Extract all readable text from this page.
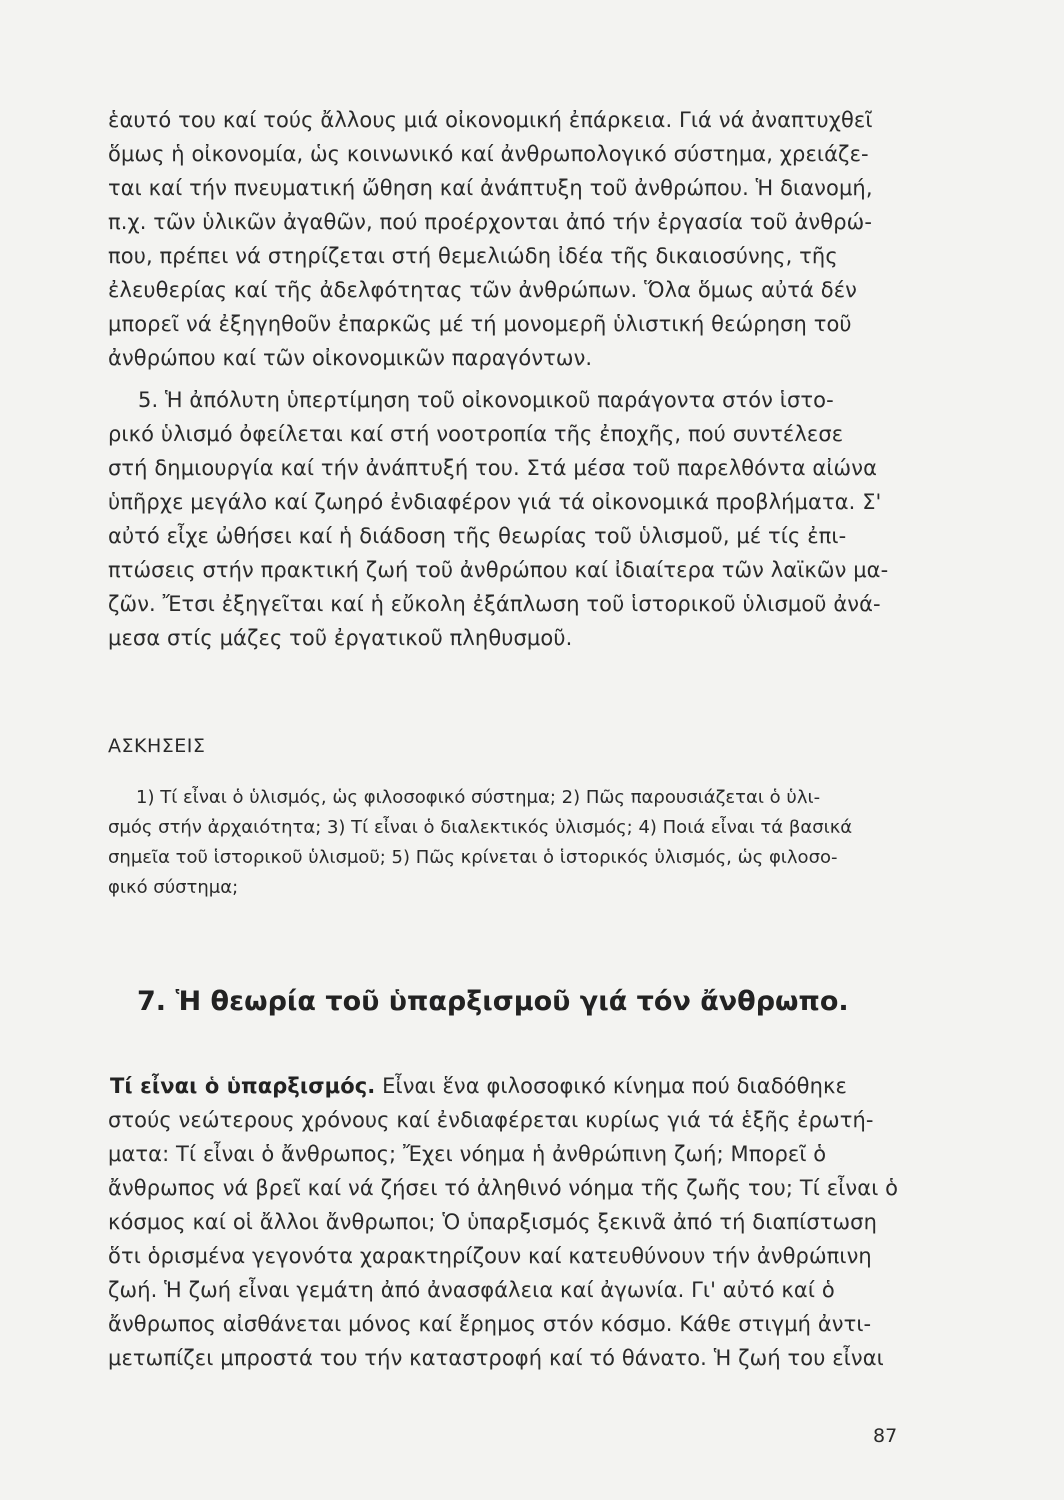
ἑαυτό του καί τούς ἄλλους μιά οἰκονομική ἐπάρκεια. Γιά νά ἀναπτυχθεῖ
ὅμως ἡ οἰκονομία, ὡς κοινωνικό καί ἀνθρωπολογικό σύστημα, χρειάζε-
ται καί τήν πνευματική ὤθηση καί ἀνάπτυξη τοῦ ἀνθρώπου. Ἡ διανομή,
π.χ. τῶν ὑλικῶν ἀγαθῶν, πού προέρχονται ἀπό τήν ἐργασία τοῦ ἀνθρώ-
που, πρέπει νά στηρίζεται στή θεμελιώδη ἰδέα τῆς δικαιοσύνης, τῆς
ἐλευθερίας καί τῆς ἀδελφότητας τῶν ἀνθρώπων. Ὅλα ὅμως αὐτά δέν
μπορεῖ νά ἐξηγηθοῦν ἐπαρκῶς μέ τή μονομερῆ ὑλιστική θεώρηση τοῦ
ἀνθρώπου καί τῶν οἰκονομικῶν παραγόντων.
5. Ἡ ἀπόλυτη ὑπερτίμηση τοῦ οἰκονομικοῦ παράγοντα στόν ἱστο-
ρικό ὑλισμό ὀφείλεται καί στή νοοτροπία τῆς ἐποχῆς, πού συντέλεσε
στή δημιουργία καί τήν ἀνάπτυξή του. Στά μέσα τοῦ παρελθόντα αἰώνα
ὑπῆρχε μεγάλο καί ζωηρό ἐνδιαφέρον γιά τά οἰκονομικά προβλήματα. Σ'
αὐτό εἶχε ὠθήσει καί ἡ διάδοση τῆς θεωρίας τοῦ ὑλισμοῦ, μέ τίς ἐπι-
πτώσεις στήν πρακτική ζωή τοῦ ἀνθρώπου καί ἰδιαίτερα τῶν λαϊκῶν μα-
ζῶν. Ἔτσι ἐξηγεῖται καί ἡ εὔκολη ἐξάπλωση τοῦ ἱστορικοῦ ὑλισμοῦ ἀνά-
μεσα στίς μάζες τοῦ ἐργατικοῦ πληθυσμοῦ.
ΑΣΚΗΣΕΙΣ
1) Τί εἶναι ὁ ὑλισμός, ὡς φιλοσοφικό σύστημα; 2) Πῶς παρουσιάζεται ὁ ὑλι-
σμός στήν ἀρχαιότητα; 3) Τί εἶναι ὁ διαλεκτικός ὑλισμός; 4) Ποιά εἶναι τά βασικά
σημεῖα τοῦ ἱστορικοῦ ὑλισμοῦ; 5) Πῶς κρίνεται ὁ ἱστορικός ὑλισμός, ὡς φιλοσο-
φικό σύστημα;
7. Ἡ θεωρία τοῦ ὑπαρξισμοῦ γιά τόν ἄνθρωπο.
Τί εἶναι ὁ ὑπαρξισμός. Εἶναι ἕνα φιλοσοφικό κίνημα πού διαδόθηκε
στούς νεώτερους χρόνους καί ἐνδιαφέρεται κυρίως γιά τά ἑξῆς ἐρωτή-
ματα: Τί εἶναι ὁ ἄνθρωπος; Ἔχει νόημα ἡ ἀνθρώπινη ζωή; Μπορεῖ ὁ
ἄνθρωπος νά βρεῖ καί νά ζήσει τό ἀληθινό νόημα τῆς ζωῆς του; Τί εἶναι ὁ
κόσμος καί οἱ ἄλλοι ἄνθρωποι; Ὁ ὑπαρξισμός ξεκινᾶ ἀπό τή διαπίστωση
ὅτι ὁρισμένα γεγονότα χαρακτηρίζουν καί κατευθύνουν τήν ἀνθρώπινη
ζωή. Ἡ ζωή εἶναι γεμάτη ἀπό ἀνασφάλεια καί ἀγωνία. Γι' αὐτό καί ὁ
ἄνθρωπος αἰσθάνεται μόνος καί ἔρημος στόν κόσμο. Κάθε στιγμή ἀντι-
μετωπίζει μπροστά του τήν καταστροφή καί τό θάνατο. Ἡ ζωή του εἶναι
87
